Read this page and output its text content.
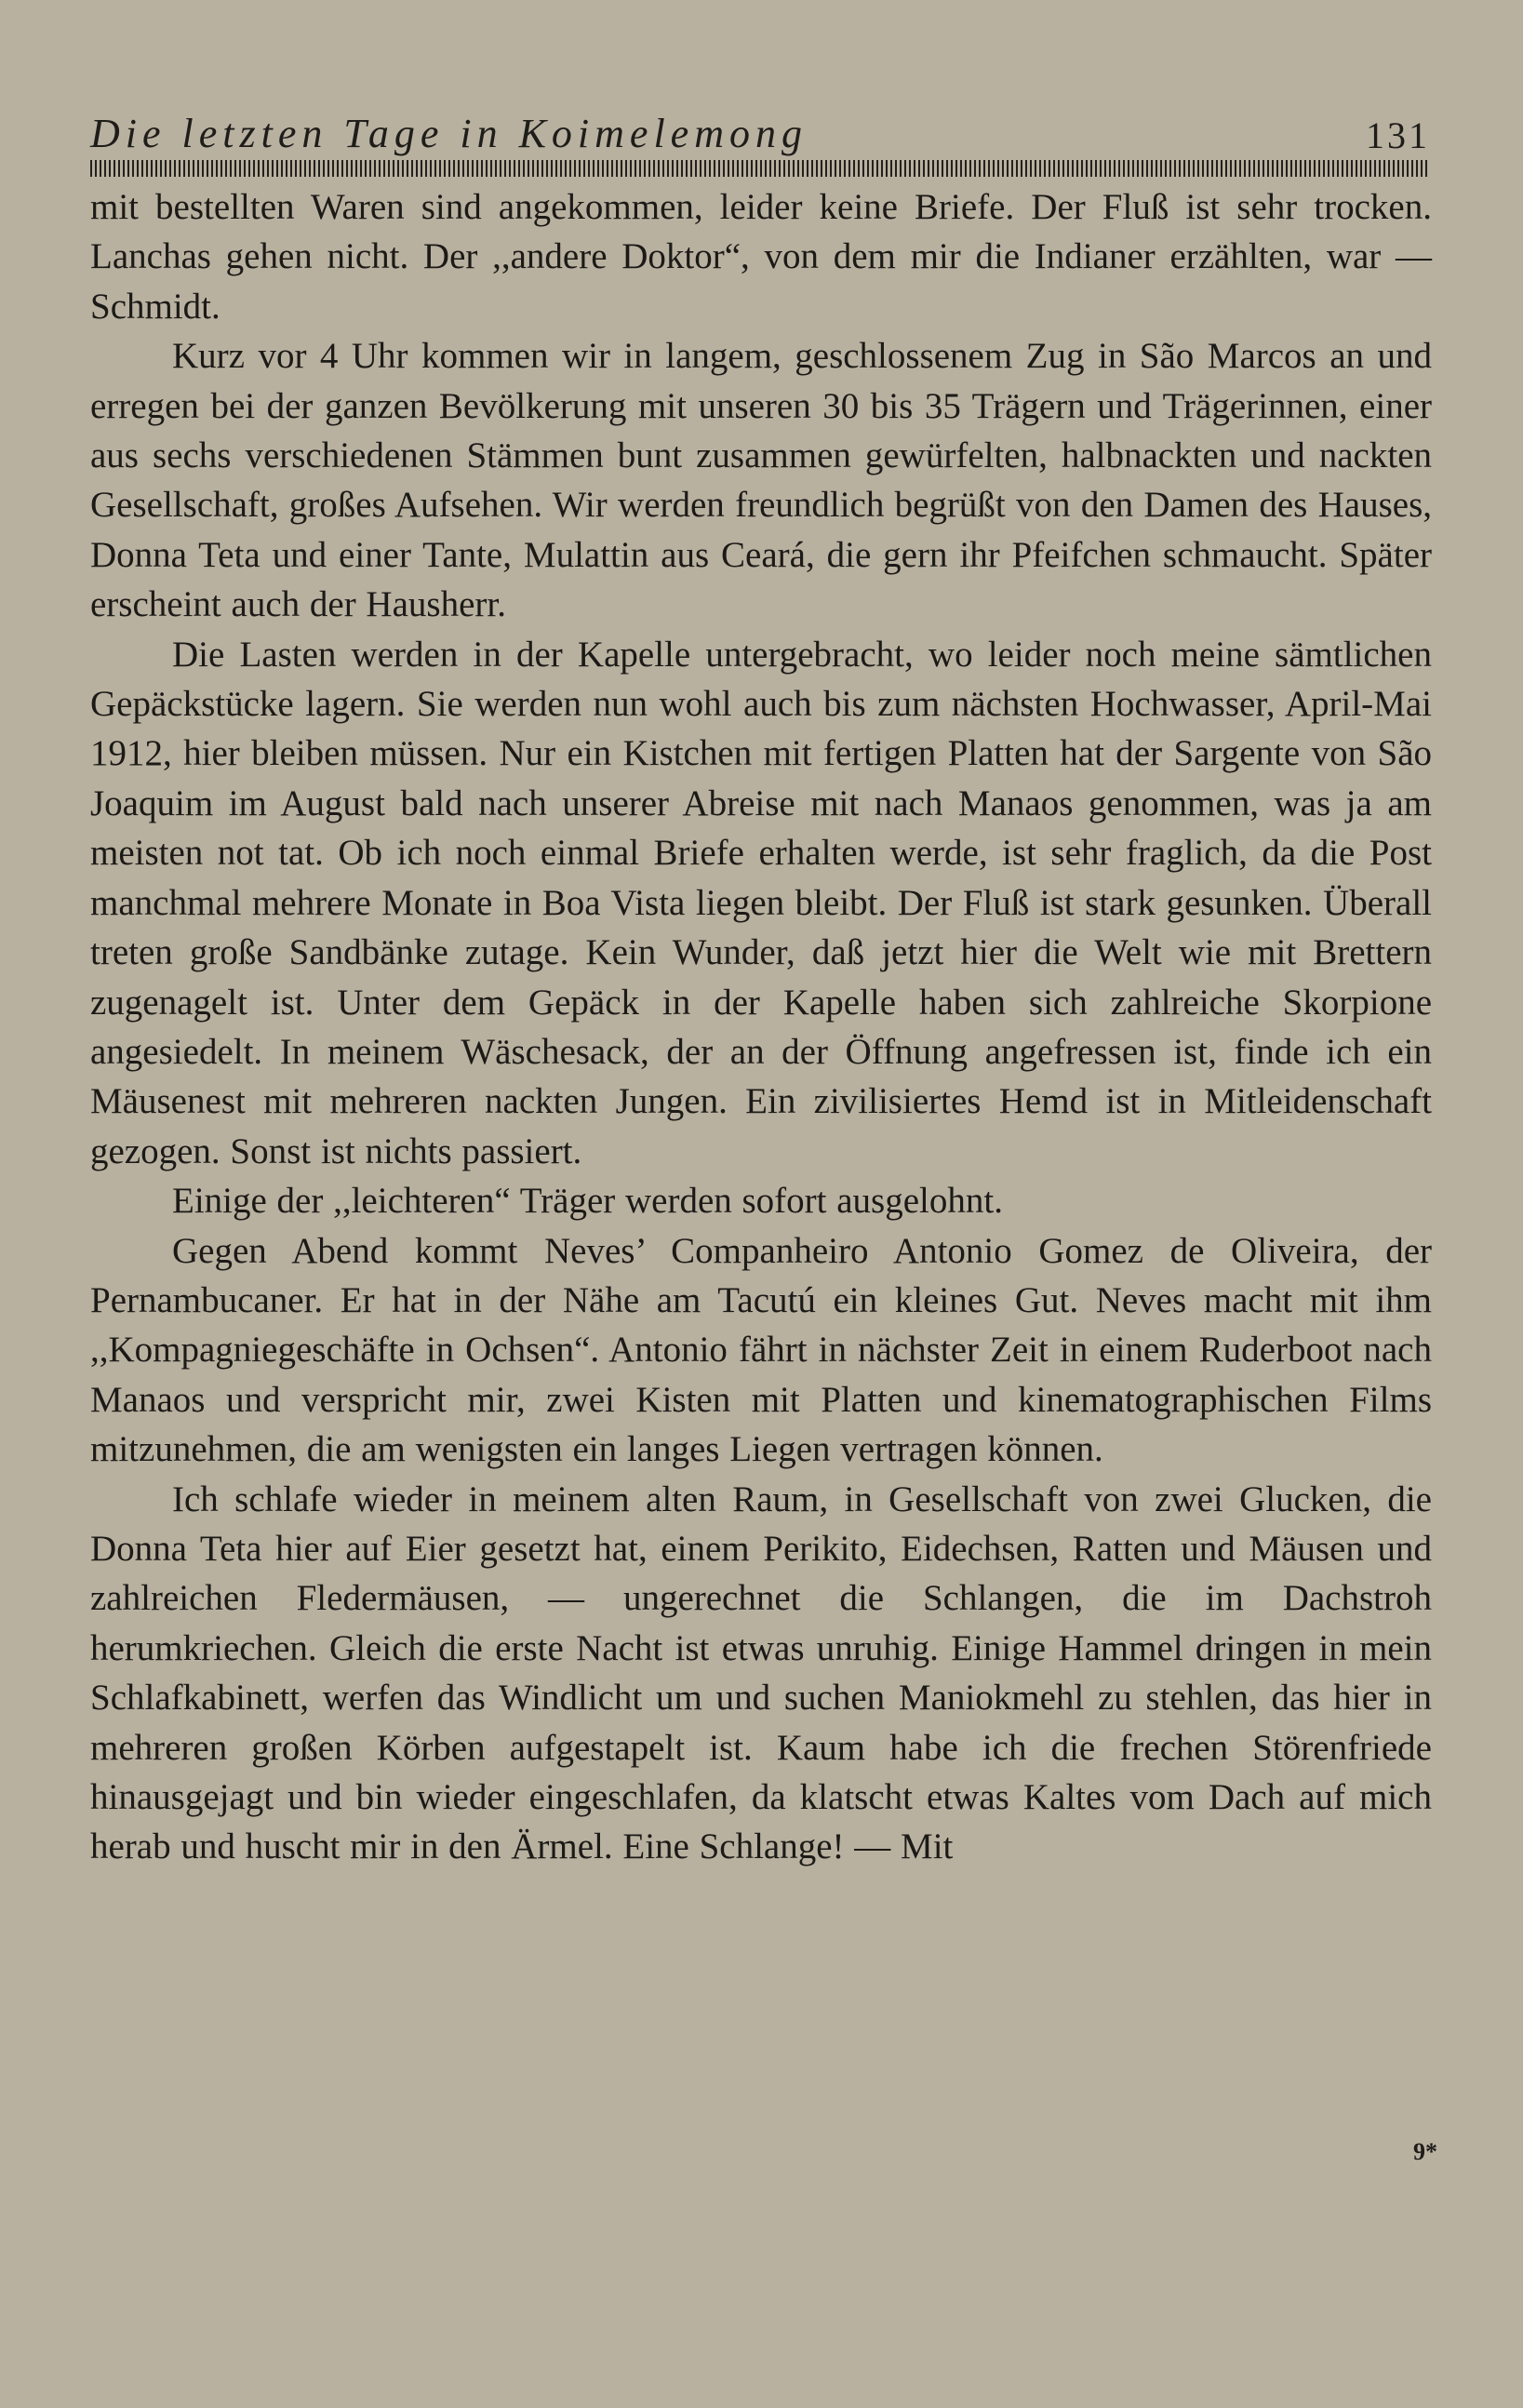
Die letzten Tage in Koimelemong	131

mit bestellten Waren sind angekommen, leider keine Briefe. Der Fluß ist sehr trocken. Lanchas gehen nicht. Der ,,andere Doktor“, von dem mir die Indianer erzählten, war — Schmidt.

Kurz vor 4 Uhr kommen wir in langem, geschlossenem Zug in São Marcos an und erregen bei der ganzen Bevölkerung mit unseren 30 bis 35 Trägern und Trägerinnen, einer aus sechs verschiedenen Stämmen bunt zusammen gewürfelten, halbnackten und nackten Gesellschaft, großes Aufsehen. Wir werden freundlich begrüßt von den Damen des Hauses, Donna Teta und einer Tante, Mulattin aus Ceará, die gern ihr Pfeifchen schmaucht. Später erscheint auch der Hausherr.

Die Lasten werden in der Kapelle untergebracht, wo leider noch meine sämtlichen Gepäckstücke lagern. Sie werden nun wohl auch bis zum nächsten Hochwasser, April-Mai 1912, hier bleiben müssen. Nur ein Kistchen mit fertigen Platten hat der Sargente von São Joaquim im August bald nach unserer Abreise mit nach Manaos genommen, was ja am meisten not tat. Ob ich noch einmal Briefe erhalten werde, ist sehr fraglich, da die Post manchmal mehrere Monate in Boa Vista liegen bleibt. Der Fluß ist stark gesunken. Überall treten große Sandbänke zutage. Kein Wunder, daß jetzt hier die Welt wie mit Brettern zugenagelt ist. Unter dem Gepäck in der Kapelle haben sich zahlreiche Skorpione angesiedelt. In meinem Wäschesack, der an der Öffnung angefressen ist, finde ich ein Mäusenest mit mehreren nackten Jungen. Ein zivilisiertes Hemd ist in Mitleidenschaft gezogen. Sonst ist nichts passiert.

Einige der ,,leichteren“ Träger werden sofort ausgelohnt.

Gegen Abend kommt Neves’ Companheiro Antonio Gomez de Oliveira, der Pernambucaner. Er hat in der Nähe am Tacutú ein kleines Gut. Neves macht mit ihm ,,Kompagniegeschäfte in Ochsen“. Antonio fährt in nächster Zeit in einem Ruderboot nach Manaos und verspricht mir, zwei Kisten mit Platten und kinematographischen Films mitzunehmen, die am wenigsten ein langes Liegen vertragen können.

Ich schlafe wieder in meinem alten Raum, in Gesellschaft von zwei Glucken, die Donna Teta hier auf Eier gesetzt hat, einem Perikito, Eidechsen, Ratten und Mäusen und zahlreichen Fledermäusen, — ungerechnet die Schlangen, die im Dachstroh herumkriechen. Gleich die erste Nacht ist etwas unruhig. Einige Hammel dringen in mein Schlafkabinett, werfen das Windlicht um und suchen Maniokmehl zu stehlen, das hier in mehreren großen Körben aufgestapelt ist. Kaum habe ich die frechen Störenfriede hinausgejagt und bin wieder eingeschlafen, da klatscht etwas Kaltes vom Dach auf mich herab und huscht mir in den Ärmel. Eine Schlange! — Mit

9*
